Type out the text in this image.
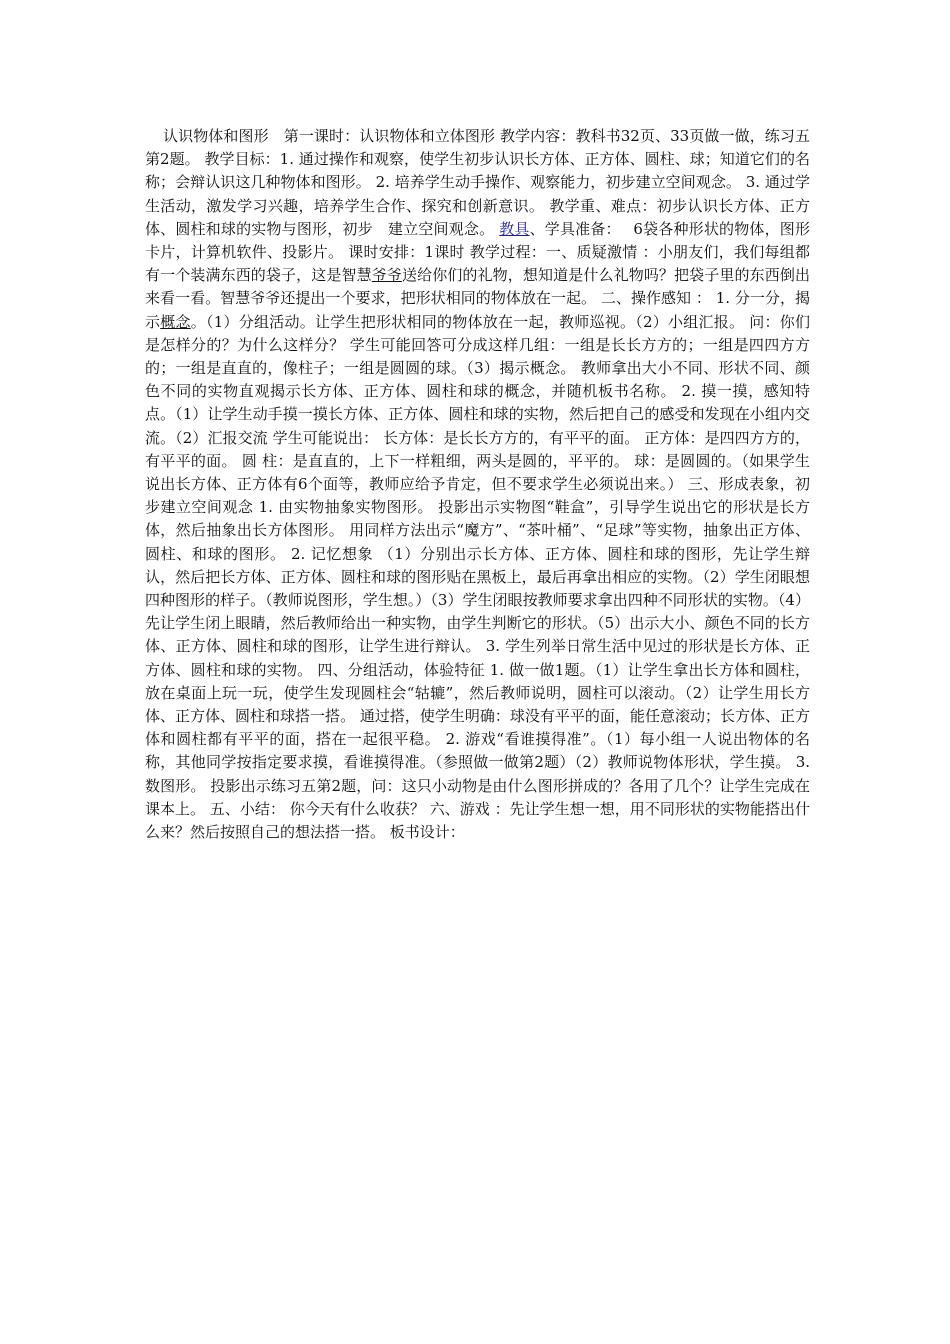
认识物体和图形　第一课时：认识物体和立体图形 教学内容：教科书32页、33页做一做，练习五第2题。 教学目标：1. 通过操作和观察，使学生初步认识长方体、正方体、圆柱、球；知道它们的名称；会辩认识这几种物体和图形。 2. 培养学生动手操作、观察能力，初步建立空间观念。 3. 通过学生活动，激发学习兴趣，培养学生合作、探究和创新意识。 教学重、难点：初步认识长方体、正方体、圆柱和球的实物与图形，初步　建立空间观念。 教具、学具准备：　 6袋各种形状的物体，图形卡片，计算机软件、投影片。 课时安排：1课时 教学过程：一、质疑激情 ：小朋友们，我们每组都有一个装满东西的袋子，这是智慧爷爷送给你们的礼物，想知道是什么礼物吗？把袋子里的东西倒出来看一看。智慧爷爷还提出一个要求，把形状相同的物体放在一起。 二、操作感知 ： 1. 分一分，揭示概念。（1）分组活动。让学生把形状相同的物体放在一起，教师巡视。（2）小组汇报。 问：你们是怎样分的？为什么这样分？ 学生可能回答可分成这样几组：一组是长长方方的；一组是四四方方的；一组是直直的，像柱子；一组是圆圆的球。（3）揭示概念。 教师拿出大小不同、形状不同、颜色不同的实物直观揭示长方体、正方体、圆柱和球的概念，并随机板书名称。 2. 摸一摸，感知特点。（1）让学生动手摸一摸长方体、正方体、圆柱和球的实物，然后把自己的感受和发现在小组内交流。（2）汇报交流 学生可能说出： 长方体：是长长方方的，有平平的面。 正方体：是四四方方的，有平平的面。 圆 柱：是直直的，上下一样粗细，两头是圆的，平平的。 球：是圆圆的。（如果学生说出长方体、正方体有6个面等，教师应给予肯定，但不要求学生必须说出来。） 三、形成表象，初步建立空间观念 1. 由实物抽象实物图形。 投影出示实物图“鞋盒”，引导学生说出它的形状是长方体，然后抽象出长方体图形。 用同样方法出示“魔方”、“茶叶桶”、“足球”等实物，抽象出正方体、圆柱、和球的图形。 2. 记忆想象 （1）分别出示长方体、正方体、圆柱和球的图形，先让学生辩认，然后把长方体、正方体、圆柱和球的图形贴在黑板上，最后再拿出相应的实物。（2）学生闭眼想四种图形的样子。（教师说图形，学生想。）（3）学生闭眼按教师要求拿出四种不同形状的实物。（4）先让学生闭上眼睛，然后教师给出一种实物，由学生判断它的形状。（5）出示大小、颜色不同的长方体、正方体、圆柱和球的图形，让学生进行辩认。 3. 学生列举日常生活中见过的形状是长方体、正方体、圆柱和球的实物。 四、分组活动，体验特征 1. 做一做1题。（1）让学生拿出长方体和圆柱，放在桌面上玩一玩，使学生发现圆柱会“轱辘”，然后教师说明，圆柱可以滚动。（2）让学生用长方体、正方体、圆柱和球搭一搭。 通过搭，使学生明确：球没有平平的面，能任意滚动；长方体、正方体和圆柱都有平平的面，搭在一起很平稳。 2. 游戏“看谁摸得准”。（1）每小组一人说出物体的名称，其他同学按指定要求摸，看谁摸得准。（参照做一做第2题）（2）教师说物体形状，学生摸。 3. 数图形。 投影出示练习五第2题，问：这只小动物是由什么图形拼成的？各用了几个？让学生完成在课本上。 五、小结： 你今天有什么收获？ 六、游戏 ：先让学生想一想，用不同形状的实物能搭出什么来？然后按照自己的想法搭一搭。 板书设计：
